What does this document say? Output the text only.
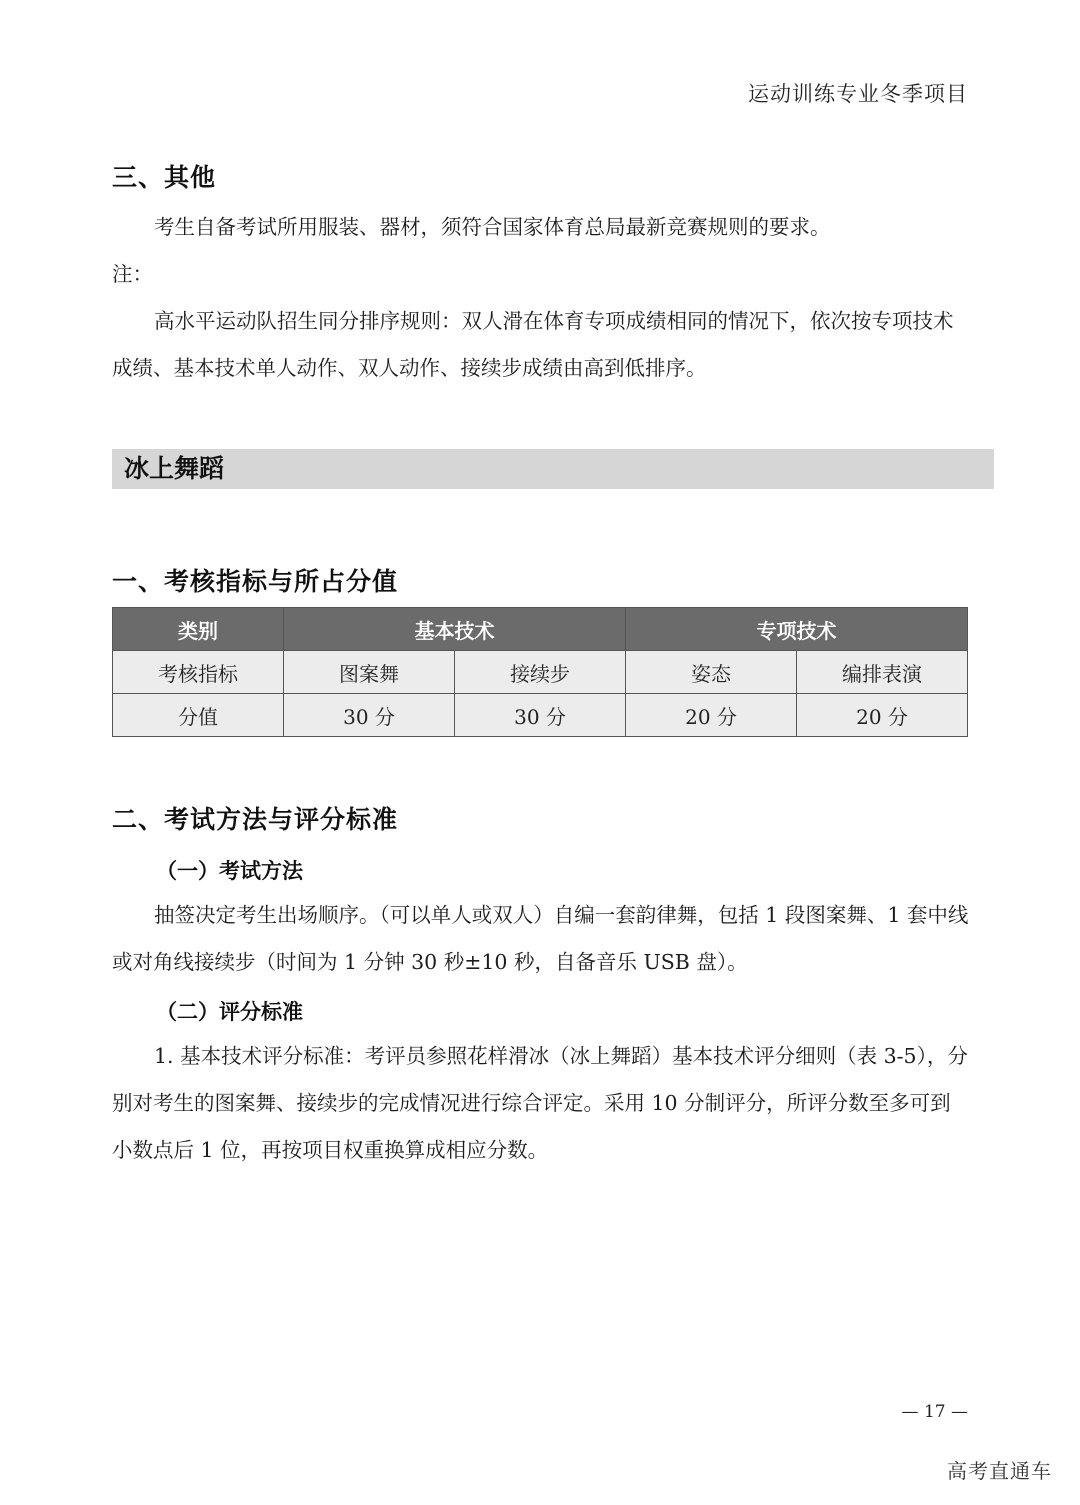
运动训练专业冬季项目
三、其他

考生自备考试所用服装、器材，须符合国家体育总局最新竞赛规则的要求。

注：

高水平运动队招生同分排序规则：双人滑在体育专项成绩相同的情况下，依次按专项技术成绩、基本技术单人动作、双人动作、接续步成绩由高到低排序。

冰上舞蹈
一、考核指标与所占分值
类别	基本技术		专项技术	
考核指标	图案舞	接续步	姿态	编排表演
分值	30 分	30 分	20 分	20 分
二、考试方法与评分标准
（一）考试方法

抽签决定考生出场顺序。（可以单人或双人）自编一套韵律舞，包括 1 段图案舞、1 套中线或对角线接续步（时间为 1 分钟 30 秒±10 秒，自备音乐 USB 盘）。

（二）评分标准

1. 基本技术评分标准：考评员参照花样滑冰（冰上舞蹈）基本技术评分细则（表 3-5），分别对考生的图案舞、接续步的完成情况进行综合评定。采用 10 分制评分，所评分数至多可到小数点后 1 位，再按项目权重换算成相应分数。

— 17 —
高考直通车
